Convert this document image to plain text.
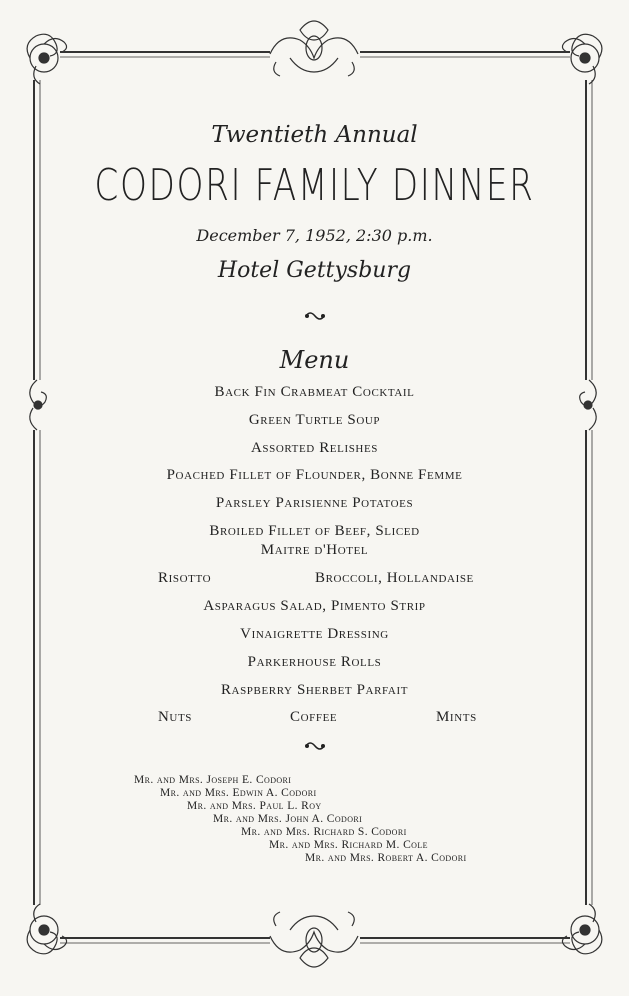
Twentieth Annual
CODORI FAMILY DINNER
December 7, 1952, 2:30 p.m.
Hotel Gettysburg
Menu
Back Fin Crabmeat Cocktail
Green Turtle Soup
Assorted Relishes
Poached Fillet of Flounder, Bonne Femme
Parsley Parisienne Potatoes
Broiled Fillet of Beef, Sliced
Maitre d'Hotel
Risotto	Broccoli, Hollandaise
Asparagus Salad, Pimento Strip
Vinaigrette Dressing
Parkerhouse Rolls
Raspberry Sherbet Parfait
Nuts	Coffee	Mints
Mr. and Mrs. Joseph E. Codori
Mr. and Mrs. Edwin A. Codori
Mr. and Mrs. Paul L. Roy
Mr. and Mrs. John A. Codori
Mr. and Mrs. Richard S. Codori
Mr. and Mrs. Richard M. Cole
Mr. and Mrs. Robert A. Codori
